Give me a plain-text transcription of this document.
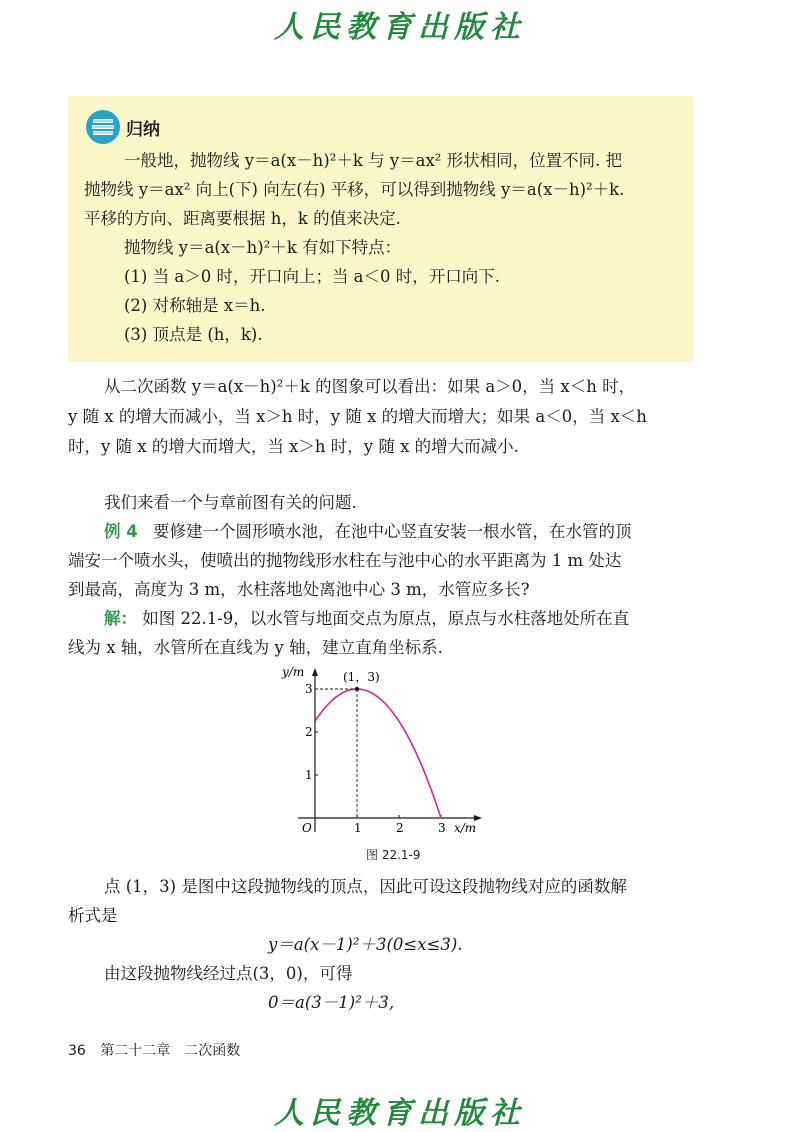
人民教育出版社
归纳
一般地，抛物线 y＝a(x－h)²＋k 与 y＝ax² 形状相同，位置不同. 把
抛物线 y＝ax² 向上(下) 向左(右) 平移，可以得到抛物线 y＝a(x－h)²＋k.
平移的方向、距离要根据 h，k 的值来决定.
抛物线 y＝a(x－h)²＋k 有如下特点：
(1) 当 a＞0 时，开口向上；当 a＜0 时，开口向下.
(2) 对称轴是 x＝h.
(3) 顶点是 (h，k).
从二次函数 y＝a(x－h)²＋k 的图象可以看出：如果 a＞0，当 x＜h 时，
y 随 x 的增大而减小，当 x＞h 时，y 随 x 的增大而增大；如果 a＜0，当 x＜h
时，y 随 x 的增大而增大，当 x＞h 时，y 随 x 的增大而减小.
我们来看一个与章前图有关的问题.
例 4 要修建一个圆形喷水池，在池中心竖直安装一根水管，在水管的顶
端安一个喷水头，使喷出的抛物线形水柱在与池中心的水平距离为 1 m 处达
到最高，高度为 3 m，水柱落地处离池中心 3 m，水管应多长?
解： 如图 22.1-9，以水管与地面交点为原点，原点与水柱落地处所在直
线为 x 轴，水管所在直线为 y 轴，建立直角坐标系.
1	2	3
1
2
3
(1，3)
y/m
x/m
O
图 22.1-9
点 (1，3) 是图中这段抛物线的顶点，因此可设这段抛物线对应的函数解
析式是
y＝a(x－1)²＋3(0≤x≤3).
由这段抛物线经过点(3，0)，可得
0＝a(3－1)²＋3,
36 第二十二章　二次函数
人民教育出版社
